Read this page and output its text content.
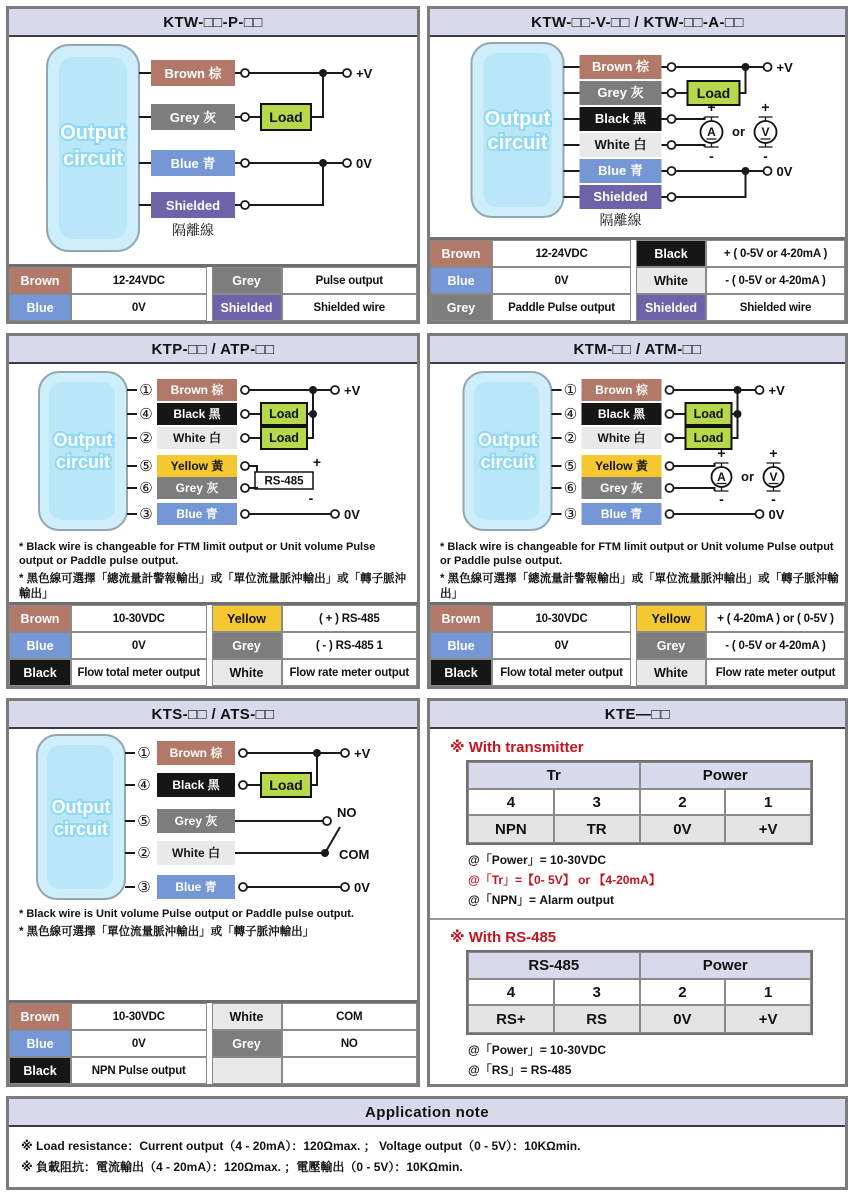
KTW-□□-P-□□
Output
circuit
Brown 棕	+V
Grey 灰	Load
Blue 青	0V
Shielded
隔離線
Brown	12-24VDC	Grey	Pulse output
Blue	0V	Shielded	Shielded wire
KTW-□□-V-□□ / KTW-□□-A-□□
Output
circuit
Brown 棕	+V
Grey 灰	Load
Black 黑
White 白
A
+
-
or V
+
-
Blue 青	0V
Shielded
隔離線
Brown	12-24VDC	Black	+ ( 0-5V or 4-20mA )
Blue	0V	White	- ( 0-5V or 4-20mA )
Grey	Paddle Pulse output	Shielded	Shielded wire
KTP-□□ / ATP-□□
Output
circuit
① Brown 棕	+V
④ Black 黑	Load
② White 白	Load
⑤ Yellow 黃
RS-485
+
-
⑥ Grey 灰
③ Blue 青	0V

* Black wire is changeable for FTM limit output or Unit volume Pulse output or Paddle pulse output.

* 黑色線可選擇「總流量計警報輸出」或「單位流量脈沖輸出」或「轉子脈沖輸出」

Brown	10-30VDC	Yellow	( + ) RS-485
Blue	0V	Grey	( - ) RS-485 1
Black	Flow total meter output	White	Flow rate meter output
KTM-□□ / ATM-□□
Output
circuit
① Brown 棕	+V
④ Black 黑	Load
② White 白	Load
⑤ Yellow 黃
⑥ Grey 灰
A
+
-
or V
+
-
③ Blue 青	0V

* Black wire is changeable for FTM limit output or Unit volume Pulse output or Paddle pulse output.

* 黑色線可選擇「總流量計警報輸出」或「單位流量脈沖輸出」或「轉子脈沖輸出」

Brown	10-30VDC	Yellow	+ ( 4-20mA ) or ( 0-5V )
Blue	0V	Grey	- ( 0-5V or 4-20mA )
Black	Flow total meter output	White	Flow rate meter output
KTS-□□ / ATS-□□
Output
circuit
① Brown 棕	+V
④ Black 黑	Load
⑤ Grey 灰
NO
② White 白	COM
③ Blue 青	0V

* Black wire is Unit volume Pulse output or Paddle pulse output.

* 黑色線可選擇「單位流量脈沖輸出」或「轉子脈沖輸出」

Brown	10-30VDC	White	COM
Blue	0V	Grey	NO
Black	NPN Pulse output
KTE—□□
※ With transmitter
Tr	Power
4	3	2	1
NPN	TR	0V	+V

@「Power」= 10-30VDC

@「Tr」=【0- 5V】 or 【4-20mA】

@「NPN」= Alarm output

※ With RS-485
RS-485	Power
4	3	2	1
RS+	RS	0V	+V

@「Power」= 10-30VDC

@「RS」= RS-485

Application note

※ Load resistance：Current output（4 - 20mA）：120Ωmax. ； Voltage output（0 - 5V）：10KΩmin.

※ 負載阻抗：電流輸出（4 - 20mA）：120Ωmax. ；電壓輸出（0 - 5V）：10KΩmin.
